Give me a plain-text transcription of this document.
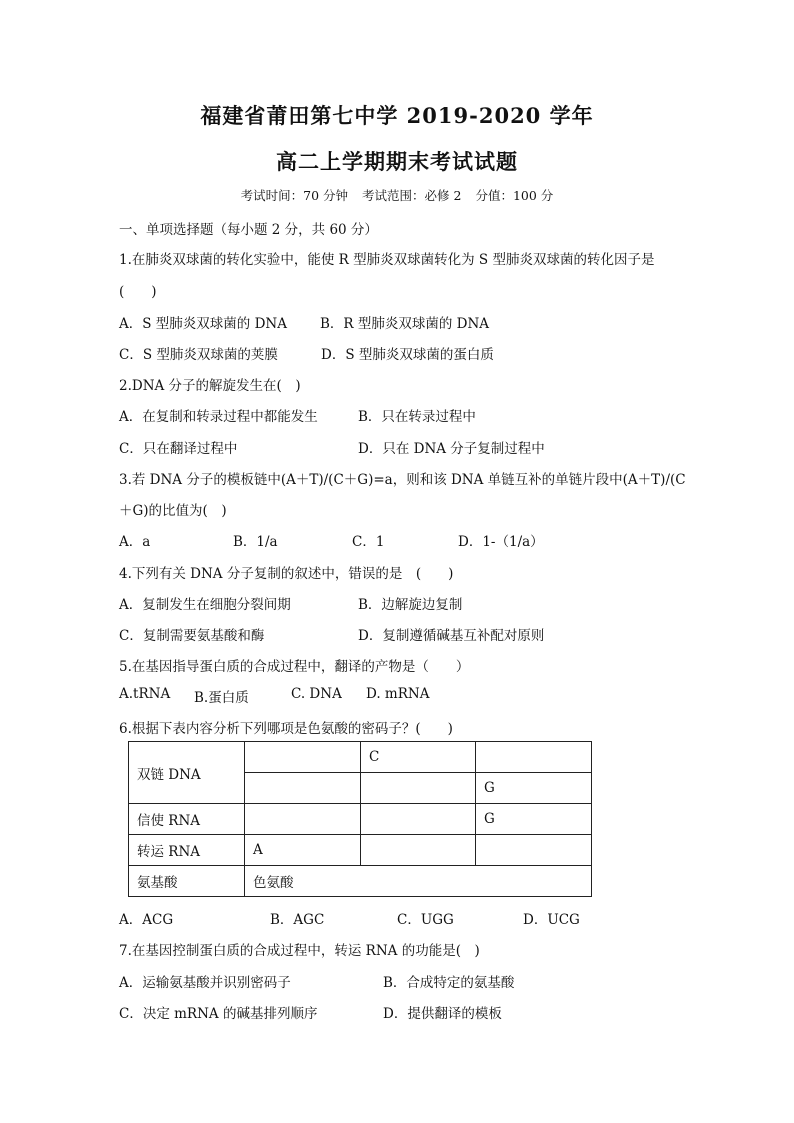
福建省莆田第七中学 2019-2020 学年
高二上学期期末考试试题
考试时间：70 分钟 考试范围：必修 2 分值：100 分
一、单项选择题（每小题 2 分，共 60 分）
1.在肺炎双球菌的转化实验中，能使 R 型肺炎双球菌转化为 S 型肺炎双球菌的转化因子是
(　　)
A．S 型肺炎双球菌的 DNA B．R 型肺炎双球菌的 DNA
C．S 型肺炎双球菌的荚膜	D．S 型肺炎双球菌的蛋白质
2.DNA 分子的解旋发生在(　)
A．在复制和转录过程中都能发生	B．只在转录过程中
C．只在翻译过程中	D．只在 DNA 分子复制过程中
3.若 DNA 分子的模板链中(A＋T)/(C＋G)=a，则和该 DNA 单链互补的单链片段中(A＋T)/(C
＋G)的比值为(　)
A．a	B．1/a	C．1	D．1-（1/a）
4.下列有关 DNA 分子复制的叙述中，错误的是　(　　)
A．复制发生在细胞分裂间期	B．边解旋边复制
C．复制需要氨基酸和酶	D．复制遵循碱基互补配对原则
5.在基因指导蛋白质的合成过程中，翻译的产物是（　　）
A.tRNA B.蛋白质	C. DNA D. mRNA
6.根据下表内容分析下列哪项是色氨酸的密码子？(　　)
双链 DNA		C	
			G
信使 RNA			G
转运 RNA	A		
氨基酸	色氨酸		
A．ACG	B．AGC	C．UGG	D．UCG
7.在基因控制蛋白质的合成过程中，转运 RNA 的功能是(　)
A．运输氨基酸并识别密码子	B．合成特定的氨基酸
C．决定 mRNA 的碱基排列顺序	D．提供翻译的模板
